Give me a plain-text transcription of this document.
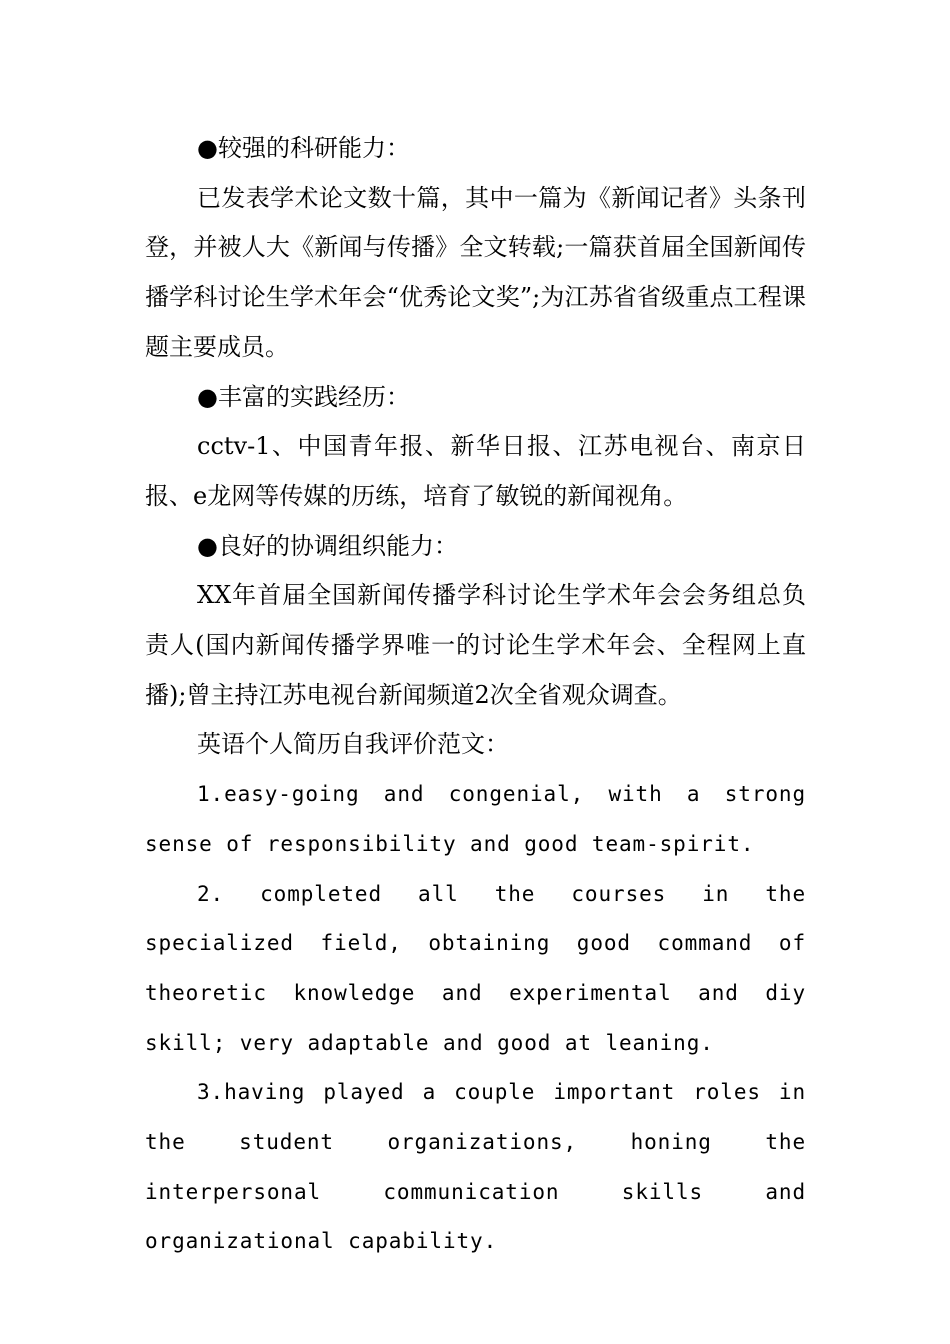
●较强的科研能力：

已发表学术论文数十篇，其中一篇为《新闻记者》头条刊登，并被人大《新闻与传播》全文转载;一篇获首届全国新闻传播学科讨论生学术年会“优秀论文奖”;为江苏省省级重点工程课题主要成员。

●丰富的实践经历：

cctv-1、中国青年报、新华日报、江苏电视台、南京日报、e龙网等传媒的历练，培育了敏锐的新闻视角。

●良好的协调组织能力：

XX年首届全国新闻传播学科讨论生学术年会会务组总负责人(国内新闻传播学界唯一的讨论生学术年会、全程网上直播);曾主持江苏电视台新闻频道2次全省观众调查。

英语个人简历自我评价范文：

1.easy-going and congenial, with a strong sense of responsibility and good team-spirit.

2. completed all the courses in the specialized field, obtaining good command of theoretic knowledge and experimental and diy skill; very adaptable and good at leaning.

3.having played a couple important roles in the student organizations, honing the interpersonal communication skills and organizational capability.
